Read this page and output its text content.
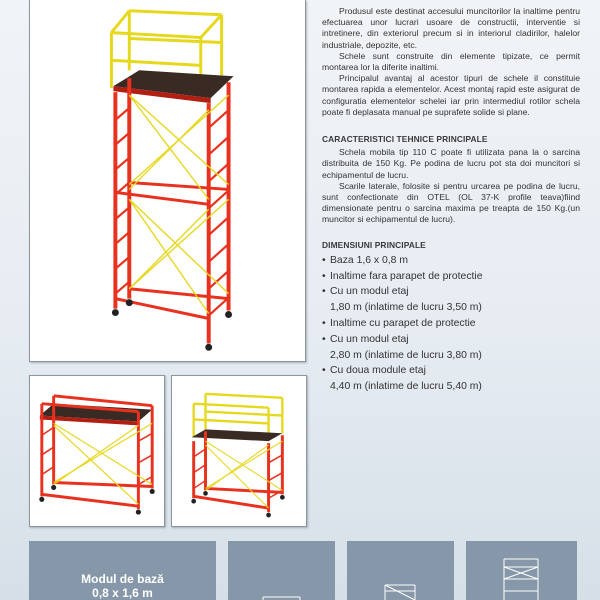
Produsul este destinat accesului muncitorilor la inaltime pentru efectuarea unor lucrari usoare de constructii, interventie si intretinere, din exteriorul precum si in interiorul cladirilor, halelor industriale, depozite, etc.

Schele sunt construite din elemente tipizate, ce permit montarea lor la diferite inaltimi.

Principalul avantaj al acestor tipuri de schele il constituie montarea rapida a elementelor. Acest montaj rapid este asigurat de configuratia elementelor schelei iar prin intermediul rotilor schela poate fi deplasata manual pe suprafete solide si plane.

CARACTERISTICI TEHNICE PRINCIPALE

Schela mobila tip 110 C poate fi utilizata pana la o sarcina distribuita de 150 Kg. Pe podina de lucru pot sta doi muncitori si echipamentul de lucru.

Scarile laterale, folosite si pentru urcarea pe podina de lucru, sunt confectionate din OTEL (OL 37-K profile teava)fiind dimensionate pentru o sarcina maxima pe treapta de 150 Kg.(un muncitor si echipamentul de lucru).

DIMENSIUNI PRINCIPALE
• Baza 1,6 x 0,8 m
• Inaltime fara parapet de protectie
• Cu un modul etaj
1,80 m (inlatime de lucru 3,50 m)
• Inaltime cu parapet de protectie
• Cu un modul etaj
2,80 m (inlatime de lucru 3,80 m)
• Cu doua module etaj
4,40 m (inlatime de lucru 5,40 m)
Modul de bază
0,8 x 1,6 m
